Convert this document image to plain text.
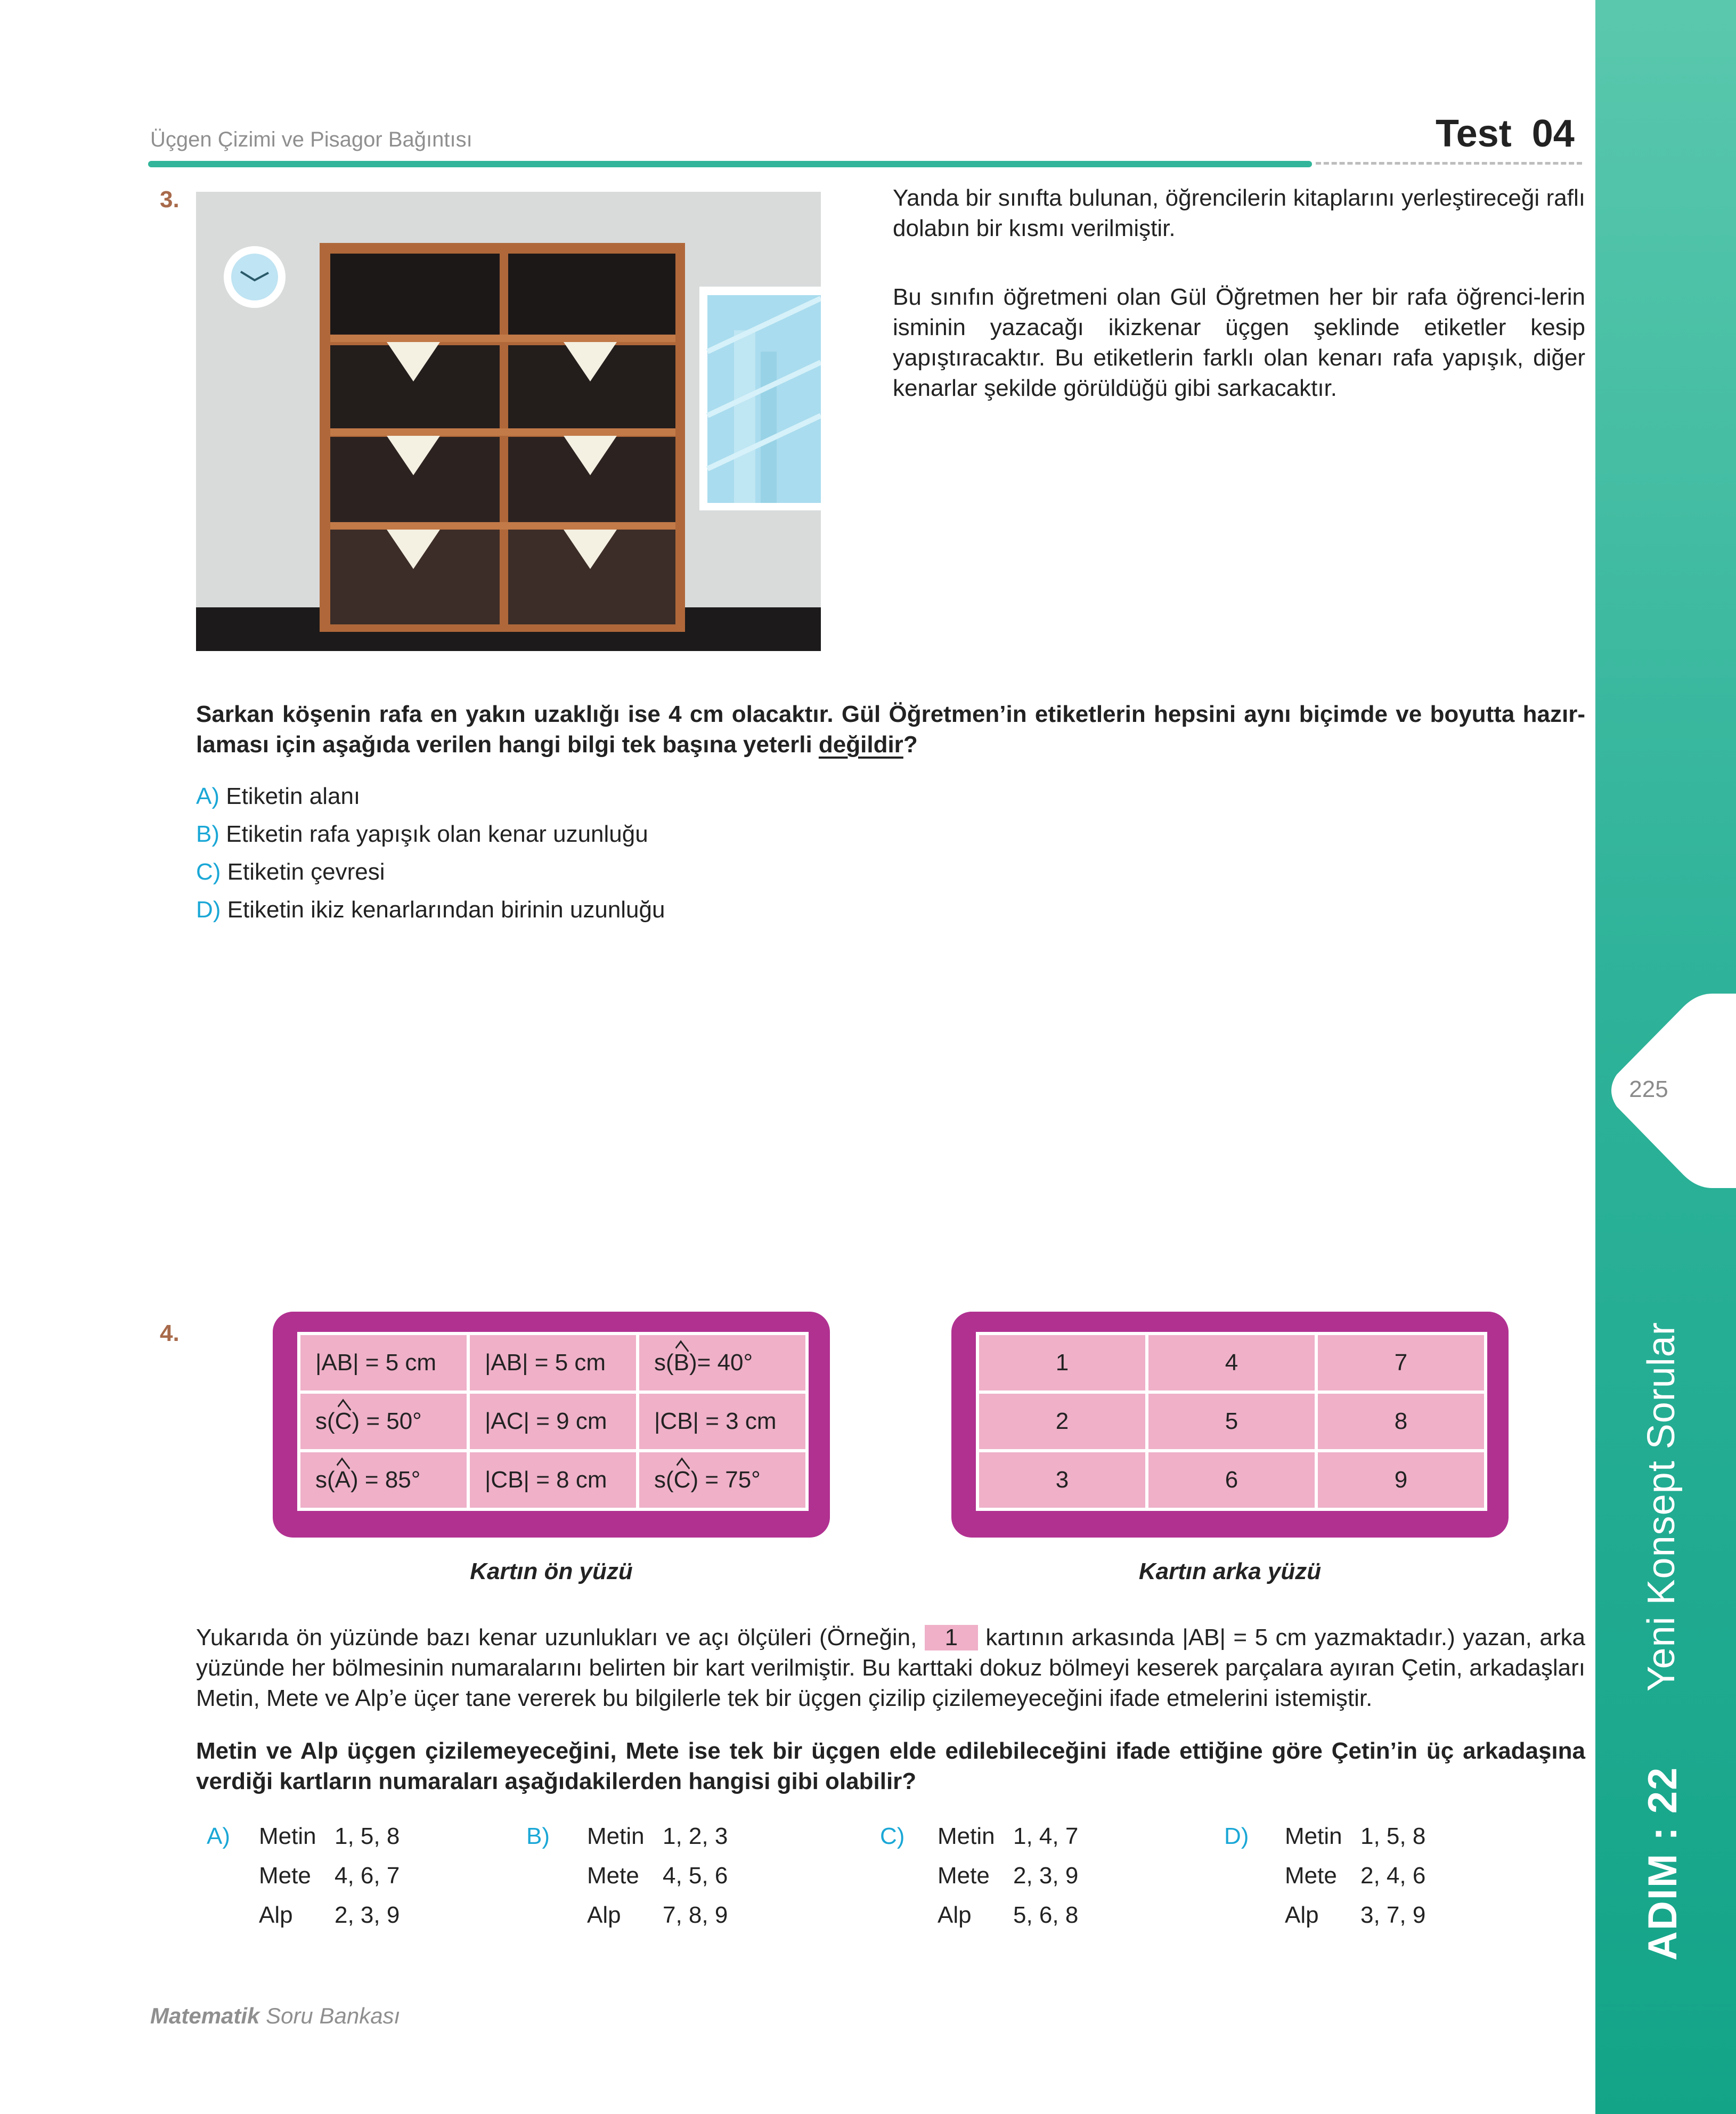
225
Yeni Konsept Sorular
ADIM : 22
Üçgen Çizimi ve Pisagor Bağıntısı	Test 04
3.	Yanda bir sınıfta bulunan, öğrencilerin kitaplarını yerleştireceği raflı dolabın bir kısmı verilmiştir.
Bu sınıfın öğretmeni olan Gül Öğretmen her bir rafa öğrenci-lerin isminin yazacağı ikizkenar üçgen şeklinde etiketler kesip yapıştıracaktır. Bu etiketlerin farklı olan kenarı rafa yapışık, diğer kenarlar şekilde görüldüğü gibi sarkacaktır.
Sarkan köşenin rafa en yakın uzaklığı ise 4 cm olacaktır. Gül Öğretmen’in etiketlerin hepsini aynı biçimde ve boyutta hazır-laması için aşağıda verilen hangi bilgi tek başına yeterli değildir?
A) Etiketin alanı
B) Etiketin rafa yapışık olan kenar uzunluğu
C) Etiketin çevresi
D) Etiketin ikiz kenarlarından birinin uzunluğu
4.
|AB| = 5 cm	|AB| = 5 cm	s(B)= 40°
s(C) = 50°	|AC| = 9 cm	|CB| = 3 cm
s(A) = 85°	|CB| = 8 cm	s(C) = 75°
Kartın ön yüzü
1	4	7
2	5	8
3	6	9
Kartın arka yüzü
Yukarıda ön yüzünde bazı kenar uzunlukları ve açı ölçüleri (Örneğin, 1 kartının arkasında |AB| = 5 cm yazmaktadır.) yazan, arka yüzünde her bölmesinin numaralarını belirten bir kart verilmiştir. Bu karttaki dokuz bölmeyi keserek parçalara ayıran Çetin, arkadaşları Metin, Mete ve Alp’e üçer tane vererek bu bilgilerle tek bir üçgen çizilip çizilemeyeceğini ifade etmelerini istemiştir.
Metin ve Alp üçgen çizilemeyeceğini, Mete ise tek bir üçgen elde edilebileceğini ifade ettiğine göre Çetin’in üç arkadaşına verdiği kartların numaraları aşağıdakilerden hangisi gibi olabilir?
A) Metin 1, 5, 8
Mete 4, 6, 7
Alp 2, 3, 9
B) Metin 1, 2, 3
Mete 4, 5, 6
Alp 7, 8, 9
C) Metin 1, 4, 7
Mete 2, 3, 9
Alp 5, 6, 8
D) Metin 1, 5, 8
Mete 2, 4, 6
Alp 3, 7, 9
Matematik Soru Bankası
